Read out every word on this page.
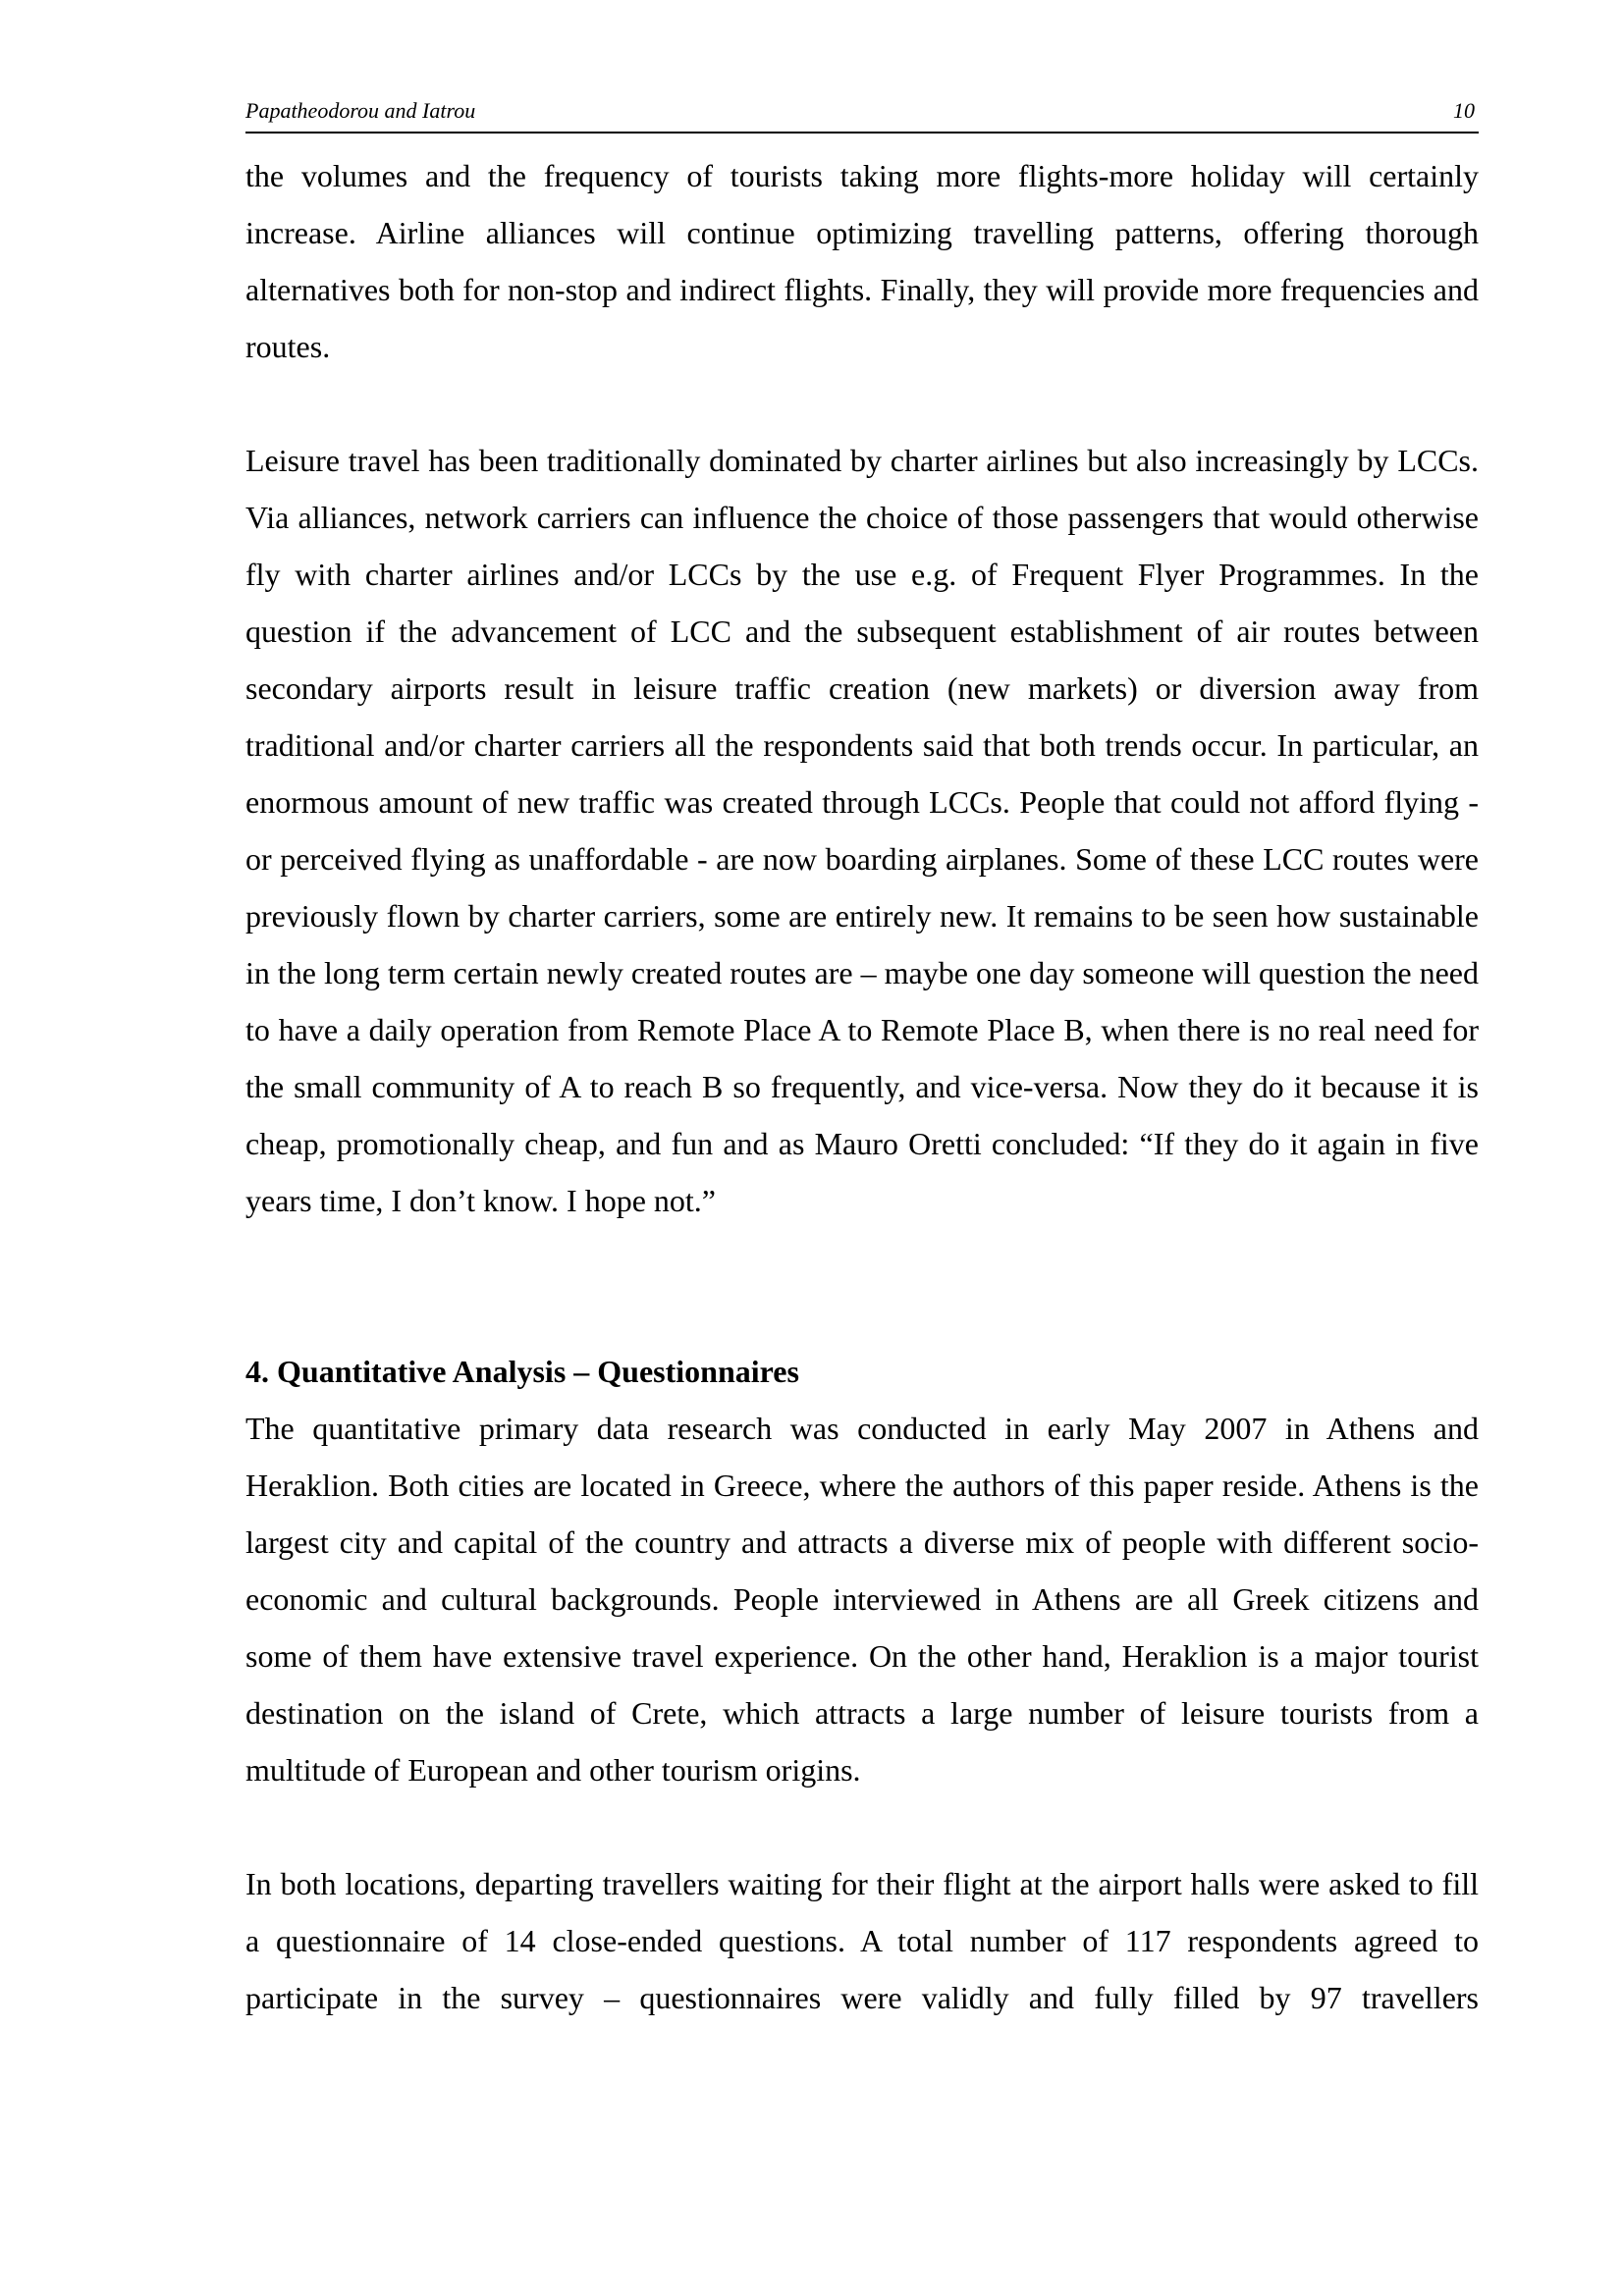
Papatheodorou and Iatrou	10

the volumes and the frequency of tourists taking more flights-more holiday will certainly increase. Airline alliances will continue optimizing travelling patterns, offering thorough alternatives both for non-stop and indirect flights. Finally, they will provide more frequencies and routes.

Leisure travel has been traditionally dominated by charter airlines but also increasingly by LCCs. Via alliances, network carriers can influence the choice of those passengers that would otherwise fly with charter airlines and/or LCCs by the use e.g. of Frequent Flyer Programmes. In the question if the advancement of LCC and the subsequent establishment of air routes between secondary airports result in leisure traffic creation (new markets) or diversion away from traditional and/or charter carriers all the respondents said that both trends occur. In particular, an enormous amount of new traffic was created through LCCs. People that could not afford flying - or perceived flying as unaffordable - are now boarding airplanes. Some of these LCC routes were previously flown by charter carriers, some are entirely new. It remains to be seen how sustainable in the long term certain newly created routes are – maybe one day someone will question the need to have a daily operation from Remote Place A to Remote Place B, when there is no real need for the small community of A to reach B so frequently, and vice-versa. Now they do it because it is cheap, promotionally cheap, and fun and as Mauro Oretti concluded: “If they do it again in five years time, I don’t know. I hope not.”

4. Quantitative Analysis – Questionnaires

The quantitative primary data research was conducted in early May 2007 in Athens and Heraklion. Both cities are located in Greece, where the authors of this paper reside. Athens is the largest city and capital of the country and attracts a diverse mix of people with different socio-economic and cultural backgrounds. People interviewed in Athens are all Greek citizens and some of them have extensive travel experience. On the other hand, Heraklion is a major tourist destination on the island of Crete, which attracts a large number of leisure tourists from a multitude of European and other tourism origins.

In both locations, departing travellers waiting for their flight at the airport halls were asked to fill a questionnaire of 14 close-ended questions. A total number of 117 respondents agreed to participate in the survey – questionnaires were validly and fully filled by 97 travellers
